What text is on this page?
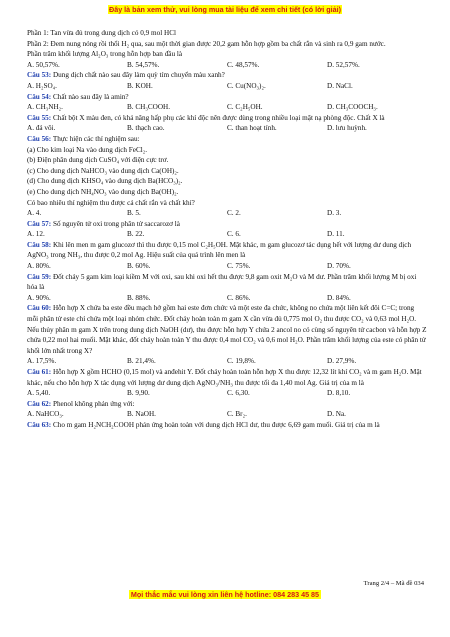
Đây là bản xem thử, vui lòng mua tài liệu để xem chi tiết (có lời giải)

Phần 1: Tan vừa đủ trong dung dịch có 0,9 mol HCl

Phần 2: Đem nung nóng rồi thổi H₂ qua, sau một thời gian được 20,2 gam hỗn hợp gồm ba chất rắn và sinh ra 0,9 gam nước.

Phần trăm khối lượng Al₂O₃ trong hỗn hợp ban đầu là

A. 50,57%.	B. 54,57%.	C. 48,57%.	D. 52,57%.

Câu 53: Dung dịch chất nào sau đây làm quỳ tím chuyển màu xanh?

A. H₂SO₄.	B. KOH.	C. Cu(NO₃)₂.	D. NaCl.

Câu 54: Chất nào sau đây là amin?

A. CH₃NH₂.	B. CH₃COOH.	C. C₂H₅OH.	D. CH₃COOCH₃.

Câu 55: Chất bột X màu đen, có khả năng hấp phụ các khí độc nên được dùng trong nhiều loại mặt nạ phòng độc. Chất X là

A. đá vôi.	B. thạch cao.	C. than hoạt tính.	D. lưu huỳnh.

Câu 56: Thực hiện các thí nghiệm sau:

(a) Cho kim loại Na vào dung dịch FeCl₂.

(b) Điện phân dung dịch CuSO₄ với điện cực trơ.

(c) Cho dung dịch NaHCO₃ vào dung dịch Ca(OH)₂.

(d) Cho dung dịch KHSO₄ vào dung dịch Ba(HCO₃)₂.

(e) Cho dung dịch NH₄NO₃ vào dung dịch Ba(OH)₂.

Có bao nhiêu thí nghiệm thu được cả chất rắn và chất khí?

A. 4.	B. 5.	C. 2.	D. 3.

Câu 57: Số nguyên tử oxi trong phân tử saccarozơ là

A. 12.	B. 22.	C. 6.	D. 11.

Câu 58: Khi lên men m gam glucozơ thì thu được 0,15 mol C₂H₅OH. Mặt khác, m gam glucozơ tác dụng hết với lượng dư dung dịch AgNO₃ trong NH₃, thu được 0,2 mol Ag. Hiệu suất của quá trình lên men là

A. 80%.	B. 60%.	C. 75%.	D. 70%.

Câu 59: Đốt cháy 5 gam kim loại kiềm M với oxi, sau khi oxi hết thu được 9,8 gam oxit M₂O và M dư. Phần trăm khối lượng M bị oxi hóa là

A. 90%.	B. 88%.	C. 86%.	D. 84%.

Câu 60: Hỗn hợp X chứa ba este đều mạch hở gồm hai este đơn chức và một este đa chức, không no chứa một liên kết đôi C=C; trong mỗi phân tử este chỉ chứa một loại nhóm chức. Đốt cháy hoàn toàn m gam X cần vừa đủ 0,775 mol O₂ thu được CO₂ và 0,63 mol H₂O. Nếu thủy phân m gam X trên trong dung dịch NaOH (dư), thu được hỗn hợp Y chứa 2 ancol no có cùng số nguyên tử cacbon và hỗn hợp Z chứa 0,22 mol hai muối. Mặt khác, đốt cháy hoàn toàn Y thu được 0,4 mol CO₂ và 0,6 mol H₂O. Phần trăm khối lượng của este có phân tử khối lớn nhất trong X?

A. 17,5%.	B. 21,4%.	C. 19,8%.	D. 27,9%.

Câu 61: Hỗn hợp X gồm HCHO (0,15 mol) và anđehit Y. Đốt cháy hoàn toàn hỗn hợp X thu được 12,32 lít khí CO₂ và m gam H₂O. Mặt khác, nếu cho hỗn hợp X tác dụng với lượng dư dung dịch AgNO₃/NH₃ thu được tối đa 1,40 mol Ag. Giá trị của m là

A. 5,40.	B. 9,90.	C. 6,30.	D. 8,10.

Câu 62: Phenol không phản ứng với:

A. NaHCO₃.	B. NaOH.	C. Br₂.	D. Na.

Câu 63: Cho m gam H₂NCH₂COOH phản ứng hoàn toàn với dung dịch HCl dư, thu được 6,69 gam muối. Giá trị của m là

Trang 2/4 – Mã đề 034
Mọi thắc mắc vui lòng xin liên hệ hotline: 084 283 45 85
